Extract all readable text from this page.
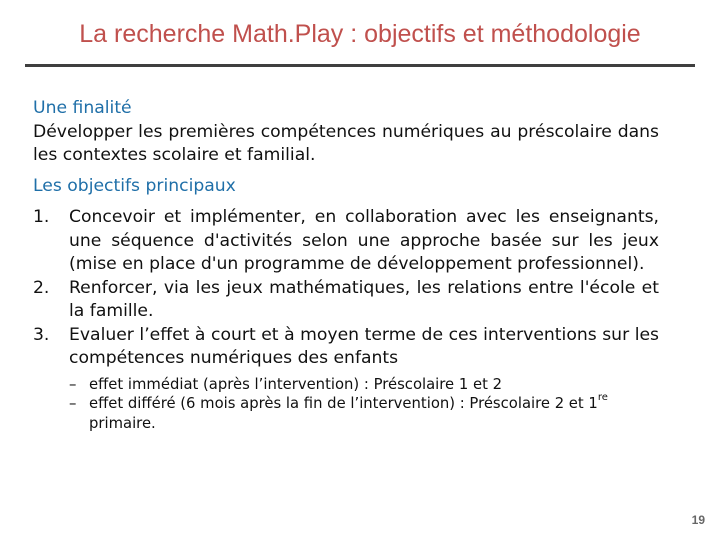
La recherche Math.Play : objectifs et méthodologie

Une finalité

Développer les premières compétences numériques au préscolaire dans les contextes scolaire et familial.

Les objectifs principaux

1. Concevoir et implémenter, en collaboration avec les enseignants, une séquence d'activités selon une approche basée sur les jeux (mise en place d'un programme de développement professionnel).
2. Renforcer, via les jeux mathématiques, les relations entre l'école et la famille.
3. Evaluer l’effet à court et à moyen terme de ces interventions sur les compétences numériques des enfants
– effet immédiat (après l’intervention) : Préscolaire 1 et 2
– effet différé (6 mois après la fin de l’intervention) : Préscolaire 2 et 1re primaire.
19
